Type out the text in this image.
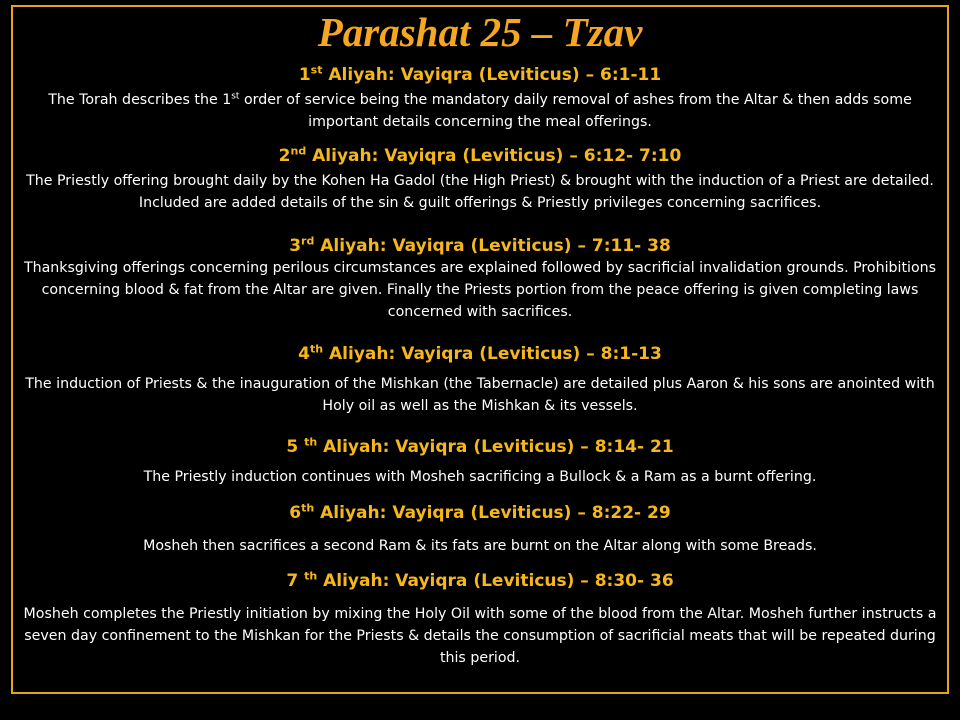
Parashat 25 – Tzav
1st Aliyah: Vayiqra (Leviticus) – 6:1-11
The Torah describes the 1st order of service being the mandatory daily removal of ashes from the Altar & then adds some important details concerning the meal offerings.
2nd Aliyah: Vayiqra (Leviticus) – 6:12- 7:10
The Priestly offering brought daily by the Kohen Ha Gadol (the High Priest) & brought with the induction of a Priest are detailed. Included are added details of the sin & guilt offerings & Priestly privileges concerning sacrifices.
3rd Aliyah: Vayiqra (Leviticus) – 7:11- 38
Thanksgiving offerings concerning perilous circumstances are explained followed by sacrificial invalidation grounds. Prohibitions concerning blood & fat from the Altar are given. Finally the Priests portion from the peace offering is given completing laws concerned with sacrifices.
4th Aliyah: Vayiqra (Leviticus) – 8:1-13
The induction of Priests & the inauguration of the Mishkan (the Tabernacle) are detailed plus Aaron & his sons are anointed with Holy oil as well as the Mishkan & its vessels.
5 $^{th}$ Aliyah: Vayiqra (Leviticus) – 8:14- 21
The Priestly induction continues with Mosheh sacrificing a Bullock & a Ram as a burnt offering.
6th Aliyah: Vayiqra (Leviticus) – 8:22- 29
Mosheh then sacrifices a second Ram & its fats are burnt on the Altar along with some Breads.
7 $^{th}$ Aliyah: Vayiqra (Leviticus) – 8:30- 36
Mosheh completes the Priestly initiation by mixing the Holy Oil with some of the blood from the Altar. Mosheh further instructs a seven day confinement to the Mishkan for the Priests & details the consumption of sacrificial meats that will be repeated during this period.
